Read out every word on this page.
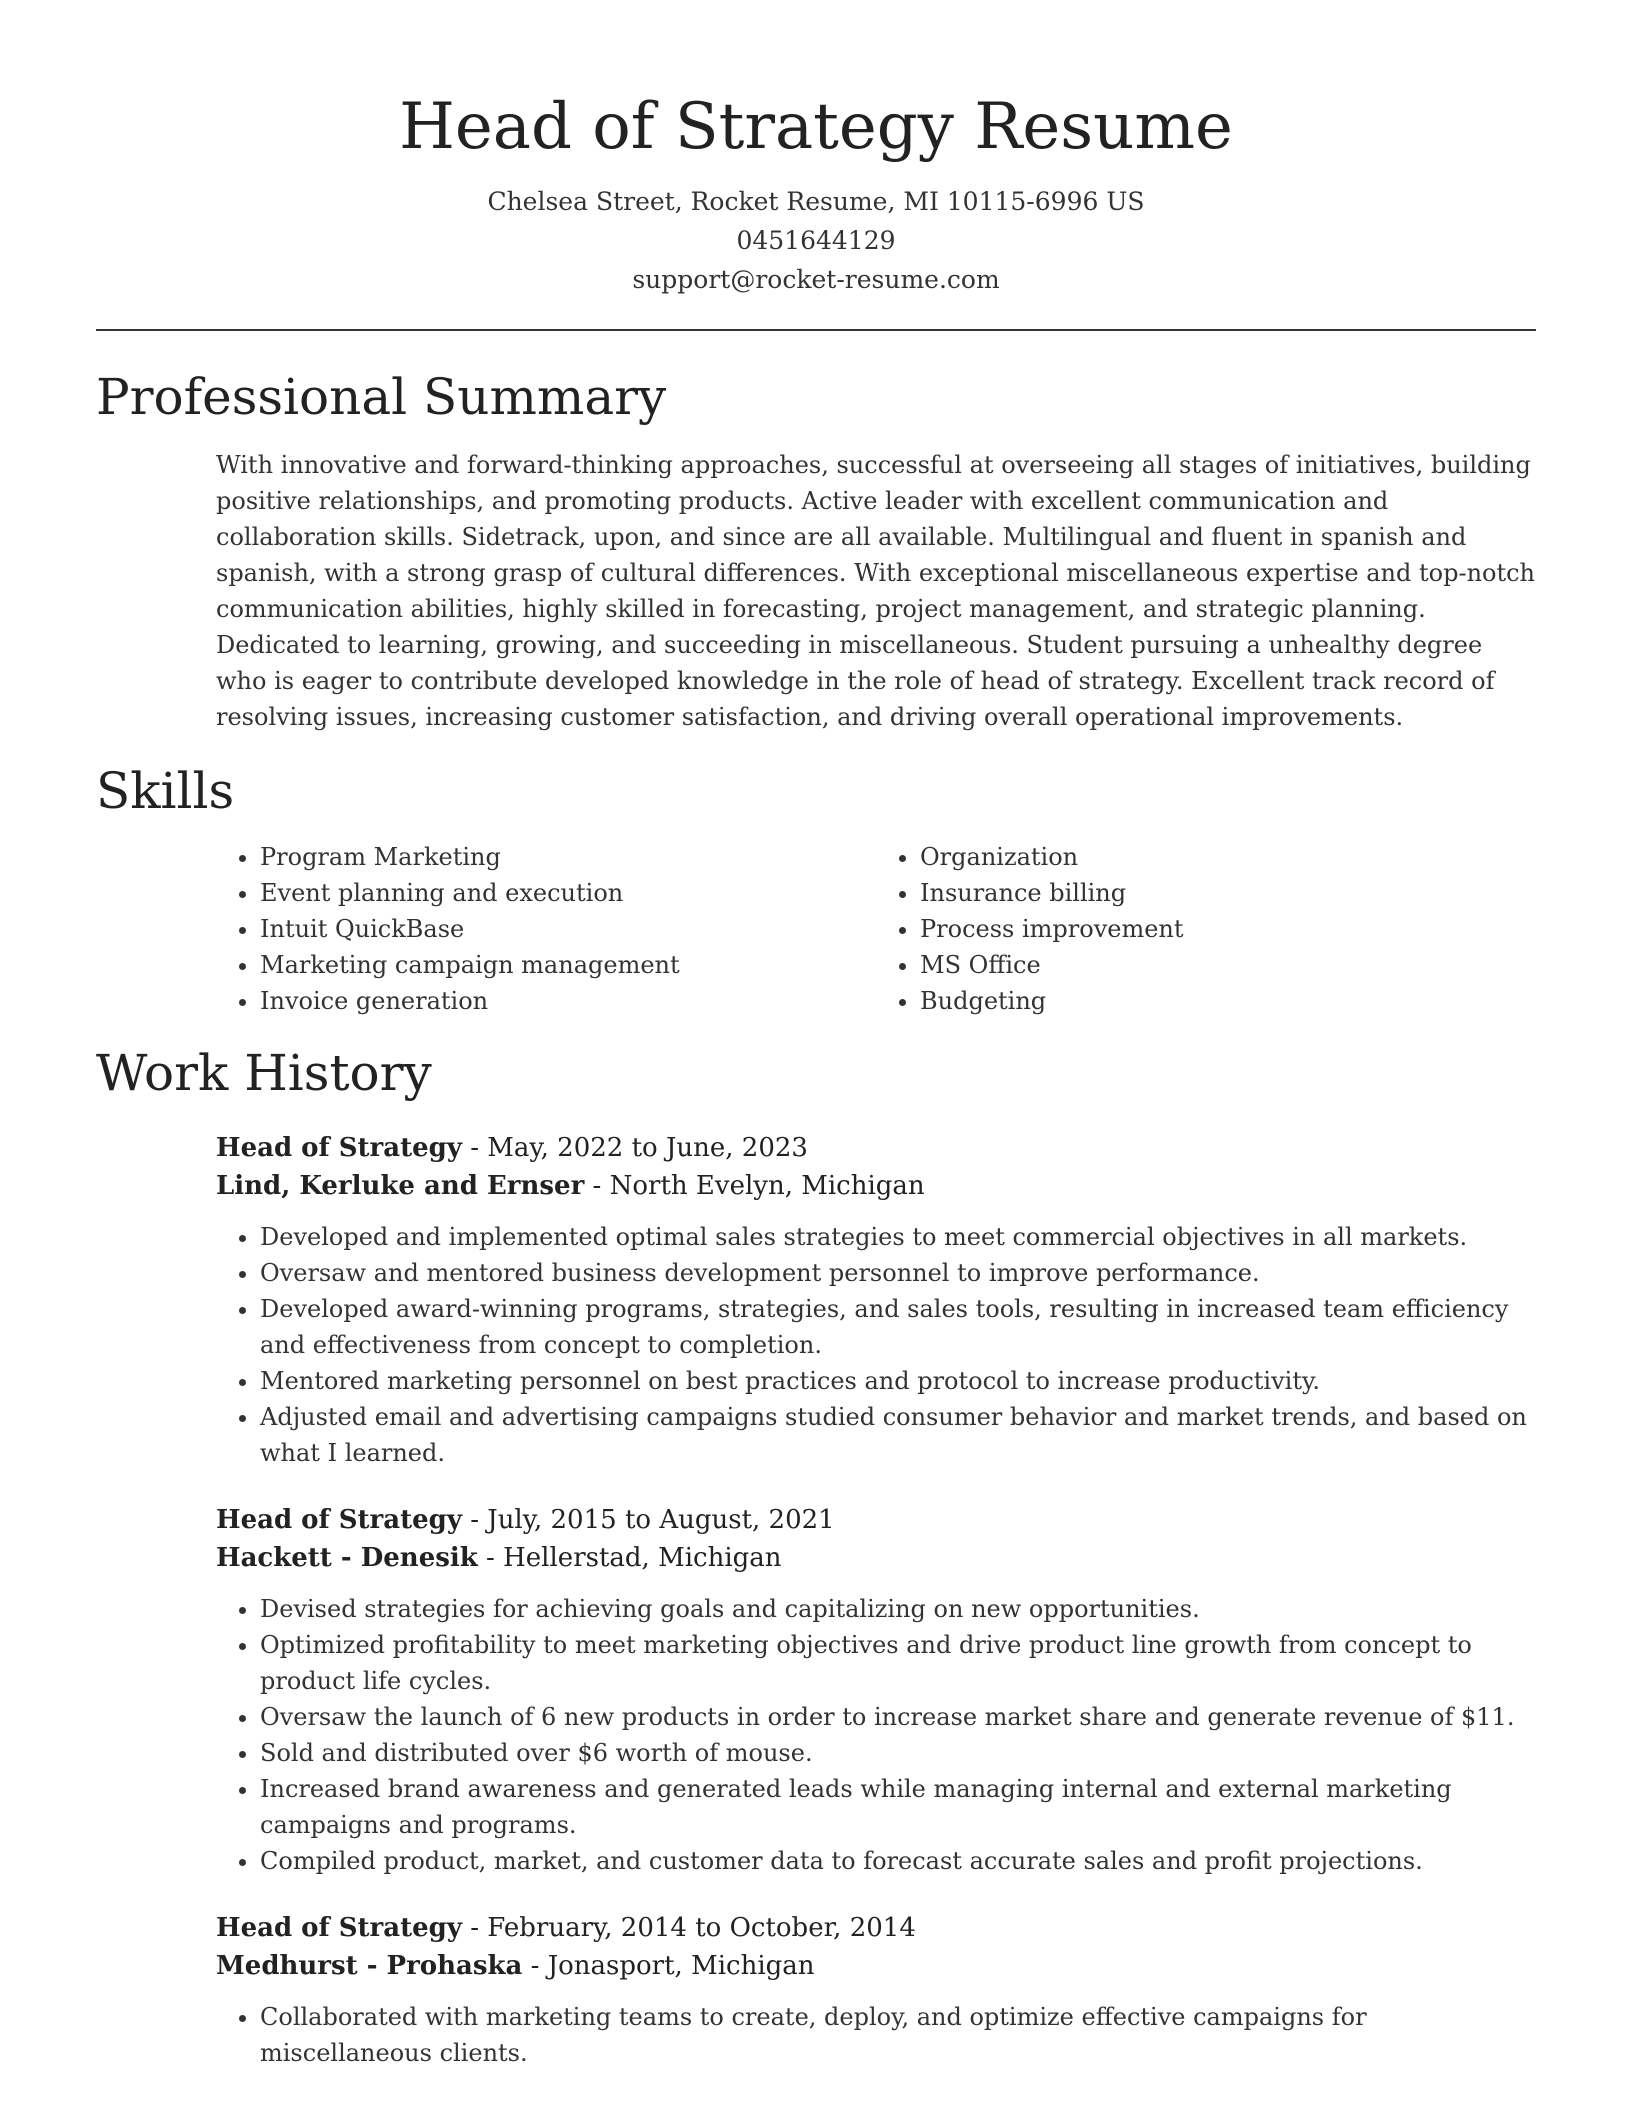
Head of Strategy Resume
Chelsea Street, Rocket Resume, MI 10115-6996 US
0451644129
support@rocket-resume.com
Professional Summary

With innovative and forward-thinking approaches, successful at overseeing all stages of initiatives, building positive relationships, and promoting products. Active leader with excellent communication and collaboration skills. Sidetrack, upon, and since are all available. Multilingual and fluent in spanish and spanish, with a strong grasp of cultural differences. With exceptional miscellaneous expertise and top-notch communication abilities, highly skilled in forecasting, project management, and strategic planning. Dedicated to learning, growing, and succeeding in miscellaneous. Student pursuing a unhealthy degree who is eager to contribute developed knowledge in the role of head of strategy. Excellent track record of resolving issues, increasing customer satisfaction, and driving overall operational improvements.

Skills
• Program Marketing
• Event planning and execution
• Intuit QuickBase
• Marketing campaign management
• Invoice generation
• Organization
• Insurance billing
• Process improvement
• MS Office
• Budgeting
Work History
Head of Strategy - May, 2022 to June, 2023
Lind, Kerluke and Ernser - North Evelyn, Michigan
• Developed and implemented optimal sales strategies to meet commercial objectives in all markets.
• Oversaw and mentored business development personnel to improve performance.
• Developed award-winning programs, strategies, and sales tools, resulting in increased team efficiency and effectiveness from concept to completion.
• Mentored marketing personnel on best practices and protocol to increase productivity.
• Adjusted email and advertising campaigns studied consumer behavior and market trends, and based on what I learned.
Head of Strategy - July, 2015 to August, 2021
Hackett - Denesik - Hellerstad, Michigan
• Devised strategies for achieving goals and capitalizing on new opportunities.
• Optimized profitability to meet marketing objectives and drive product line growth from concept to product life cycles.
• Oversaw the launch of 6 new products in order to increase market share and generate revenue of $11.
• Sold and distributed over $6 worth of mouse.
• Increased brand awareness and generated leads while managing internal and external marketing campaigns and programs.
• Compiled product, market, and customer data to forecast accurate sales and profit projections.
Head of Strategy - February, 2014 to October, 2014
Medhurst - Prohaska - Jonasport, Michigan
• Collaborated with marketing teams to create, deploy, and optimize effective campaigns for miscellaneous clients.
